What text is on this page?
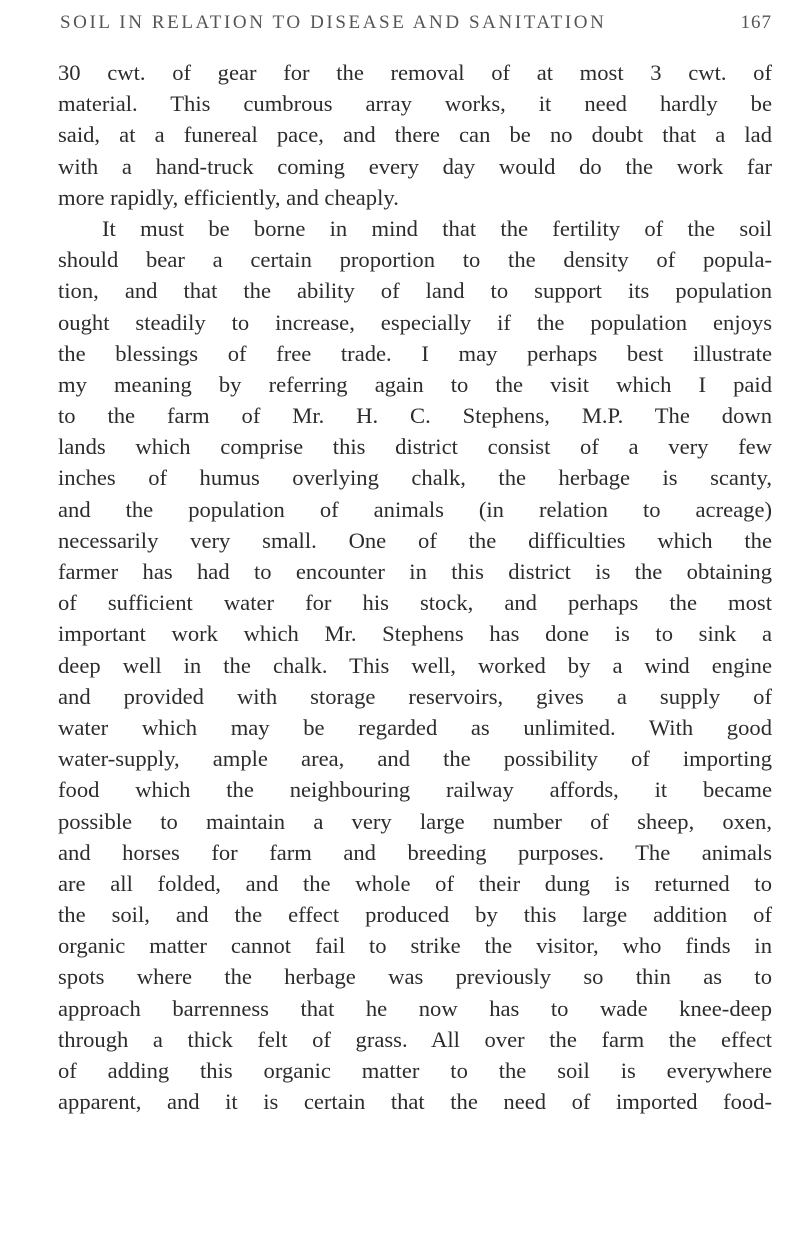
SOIL IN RELATION TO DISEASE AND SANITATION	167
30 cwt. of gear for the removal of at most 3 cwt. of
material. This cumbrous array works, it need hardly be
said, at a funereal pace, and there can be no doubt that a lad
with a hand-truck coming every day would do the work far
more rapidly, efficiently, and cheaply.
It must be borne in mind that the fertility of the soil
should bear a certain proportion to the density of popula-
tion, and that the ability of land to support its population
ought steadily to increase, especially if the population enjoys
the blessings of free trade. I may perhaps best illustrate
my meaning by referring again to the visit which I paid
to the farm of Mr. H. C. Stephens, M.P. The down
lands which comprise this district consist of a very few
inches of humus overlying chalk, the herbage is scanty,
and the population of animals (in relation to acreage)
necessarily very small. One of the difficulties which the
farmer has had to encounter in this district is the obtaining
of sufficient water for his stock, and perhaps the most
important work which Mr. Stephens has done is to sink a
deep well in the chalk. This well, worked by a wind engine
and provided with storage reservoirs, gives a supply of
water which may be regarded as unlimited. With good
water-supply, ample area, and the possibility of importing
food which the neighbouring railway affords, it became
possible to maintain a very large number of sheep, oxen,
and horses for farm and breeding purposes. The animals
are all folded, and the whole of their dung is returned to
the soil, and the effect produced by this large addition of
organic matter cannot fail to strike the visitor, who finds in
spots where the herbage was previously so thin as to
approach barrenness that he now has to wade knee-deep
through a thick felt of grass. All over the farm the effect
of adding this organic matter to the soil is everywhere
apparent, and it is certain that the need of imported food-
